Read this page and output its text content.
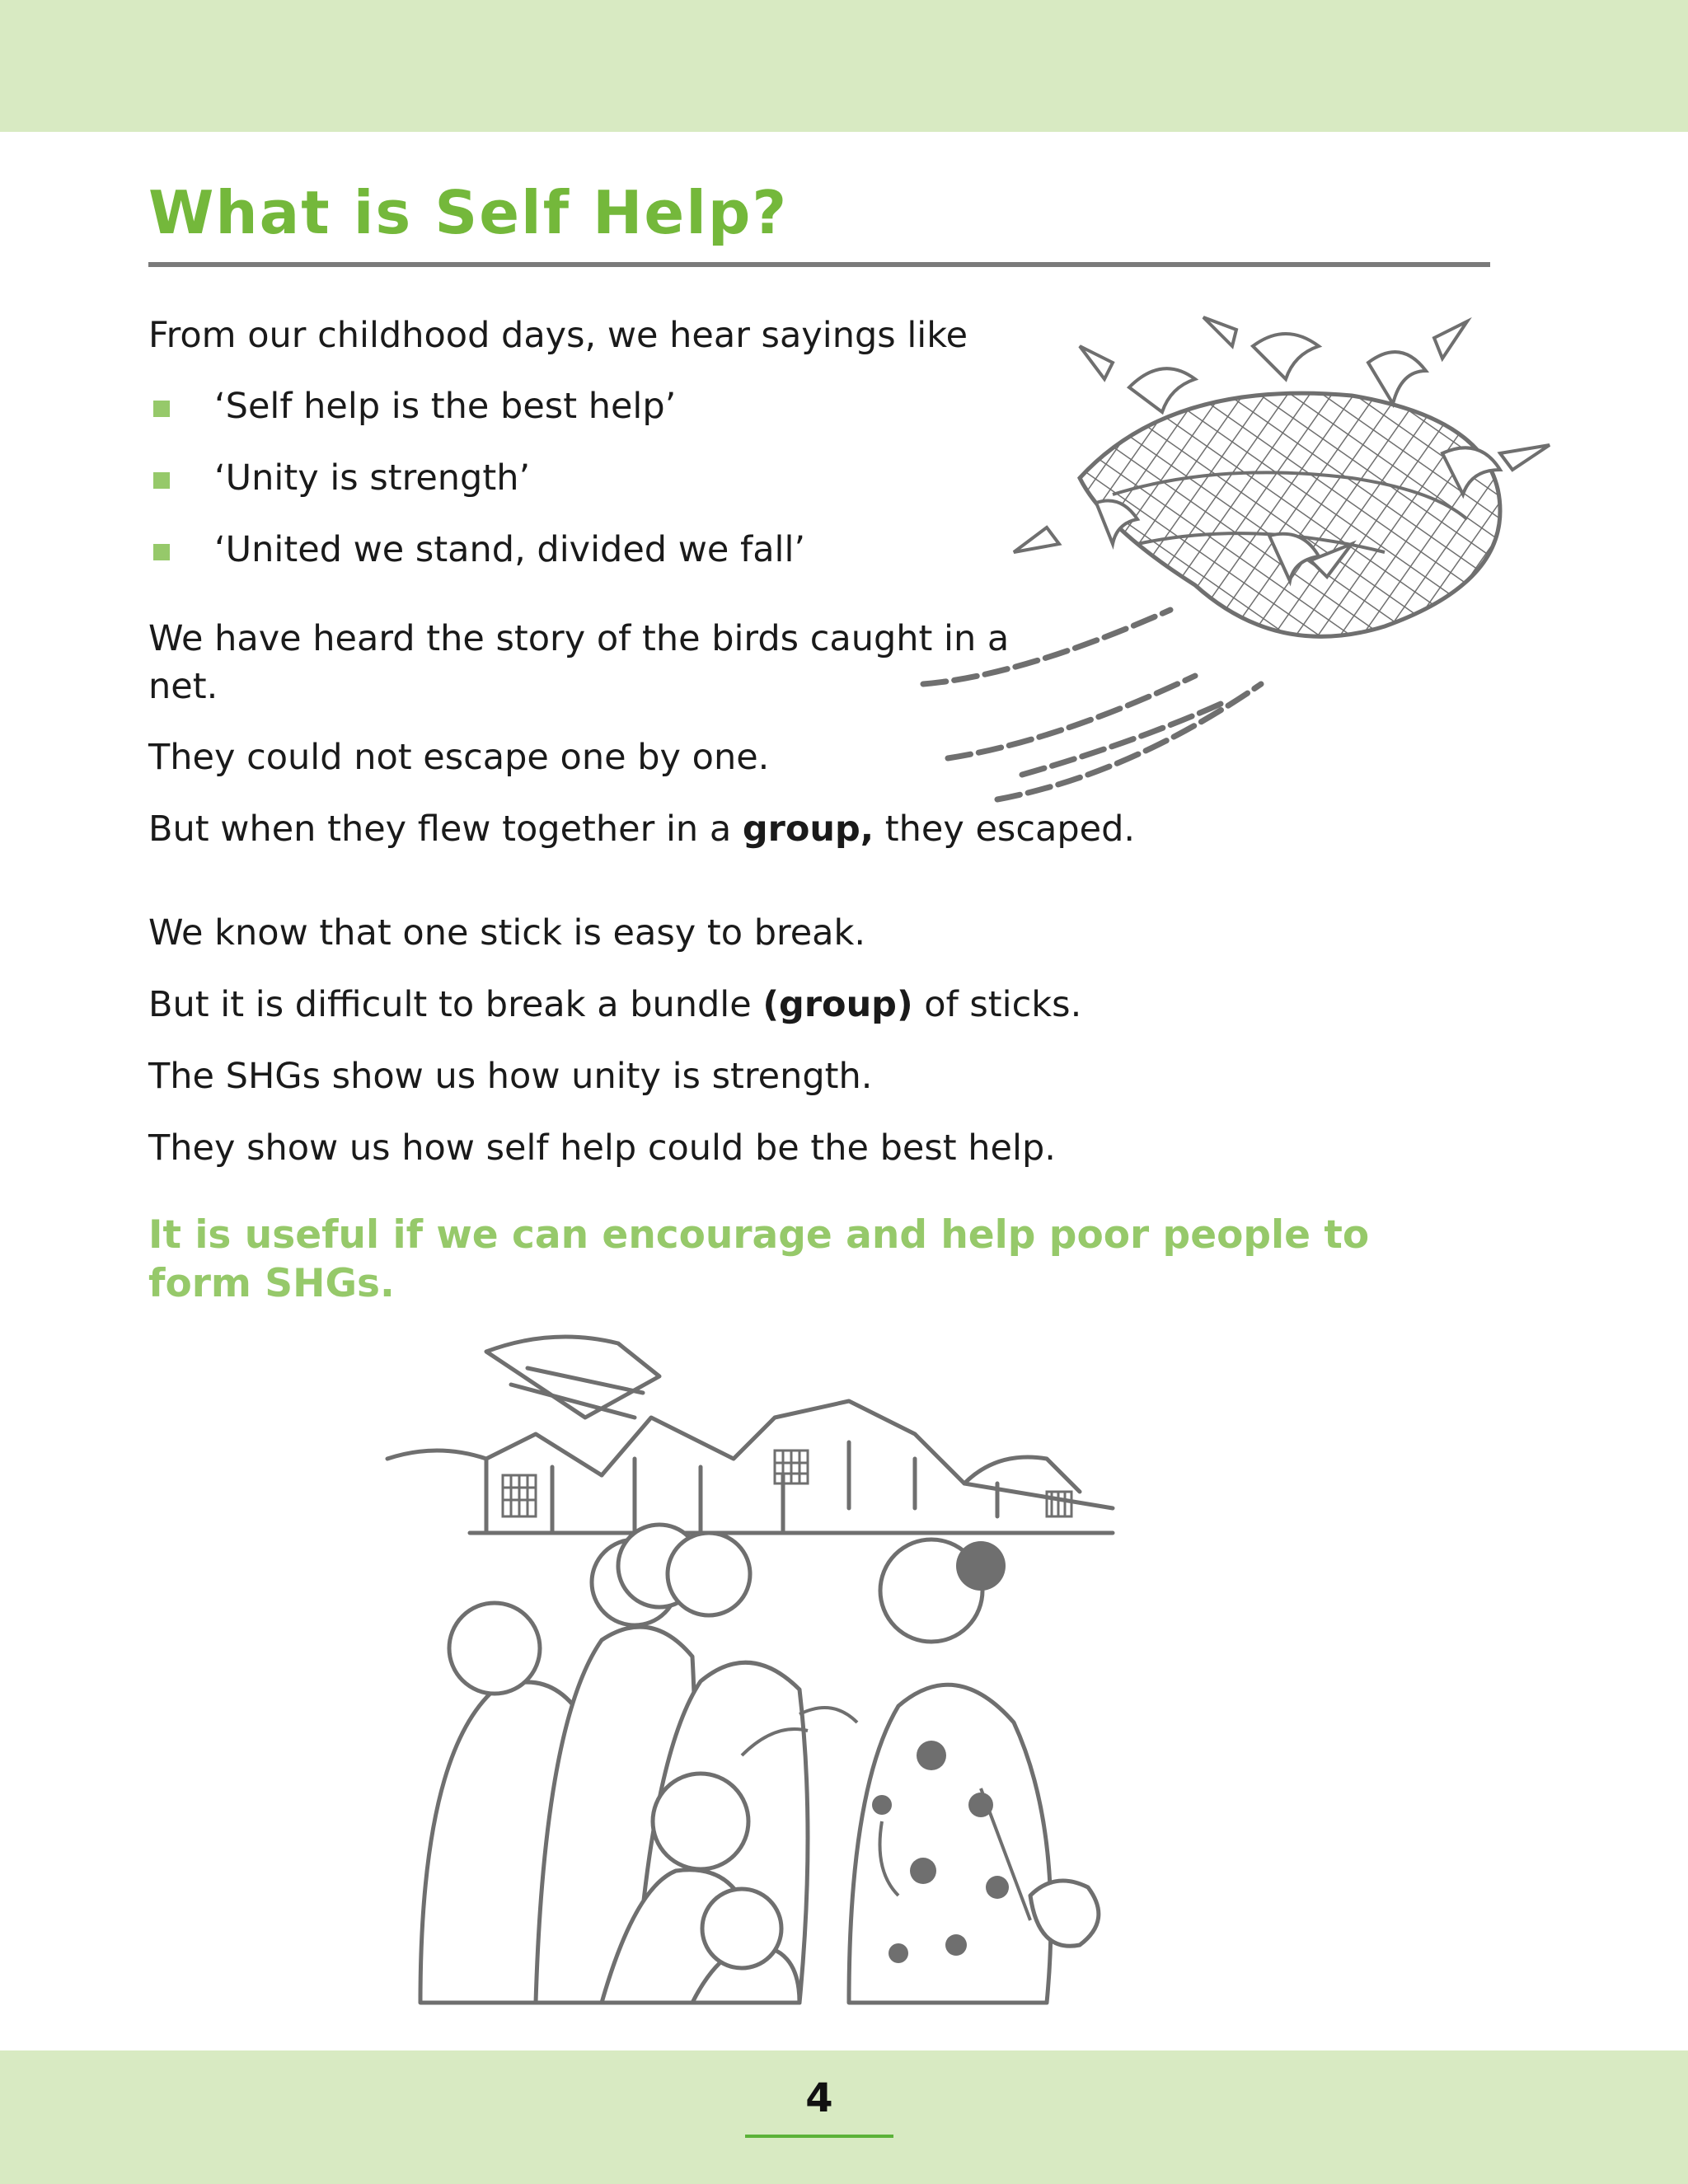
What is Self Help?
From our childhood days, we hear sayings like
‘Self help is the best help’
‘Unity is strength’
‘United we stand, divided we fall’
We have heard the story of the birds caught in a
net.
They could not escape one by one.
But when they flew together in a group, they escaped.
We know that one stick is easy to break.
But it is difficult to break a bundle (group) of sticks.
The SHGs show us how unity is strength.
They show us how self help could be the best help.
It is useful if we can encourage and help poor people to form SHGs.
4
